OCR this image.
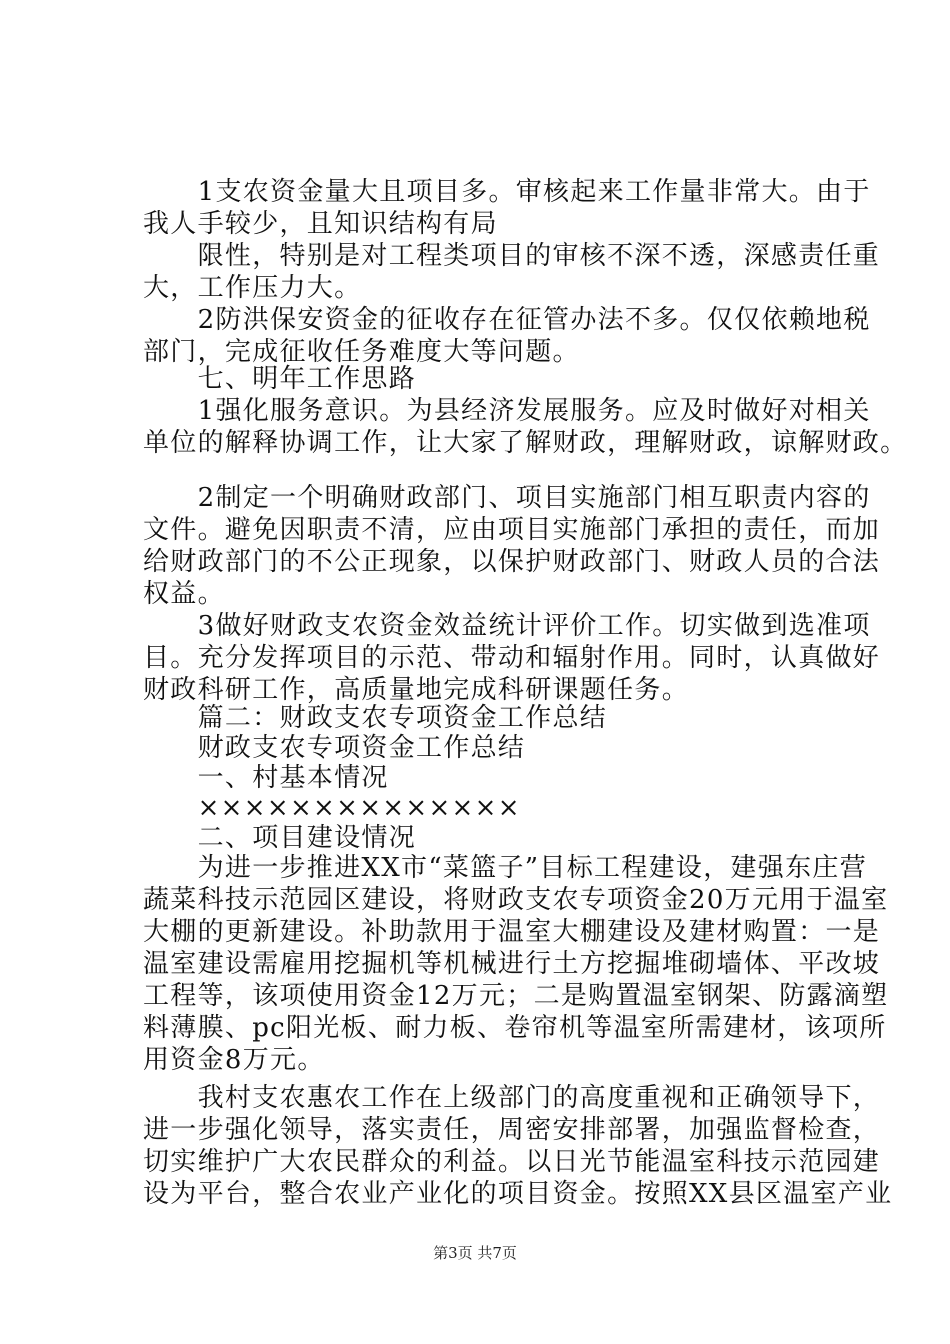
　　1支农资金量大且项目多。审核起来工作量非常大。由于
我人手较少，且知识结构有局
　　限性，特别是对工程类项目的审核不深不透，深感责任重
大，工作压力大。
　　2防洪保安资金的征收存在征管办法不多。仅仅依赖地税
部门，完成征收任务难度大等问题。
　　七、明年工作思路
　　1强化服务意识。为县经济发展服务。应及时做好对相关
单位的解释协调工作，让大家了解财政，理解财政，谅解财政。
　　2制定一个明确财政部门、项目实施部门相互职责内容的
文件。避免因职责不清，应由项目实施部门承担的责任，而加
给财政部门的不公正现象，以保护财政部门、财政人员的合法
权益。
　　3做好财政支农资金效益统计评价工作。切实做到选准项
目。充分发挥项目的示范、带动和辐射作用。同时，认真做好
财政科研工作，高质量地完成科研课题任务。
　　篇二：财政支农专项资金工作总结
　　财政支农专项资金工作总结
　　一、村基本情况
　　××××××××××××××
　　二、项目建设情况
　　为进一步推进XX市“菜篮子”目标工程建设，建强东庄营
蔬菜科技示范园区建设，将财政支农专项资金20万元用于温室
大棚的更新建设。补助款用于温室大棚建设及建材购置：一是
温室建设需雇用挖掘机等机械进行土方挖掘堆砌墙体、平改坡
工程等，该项使用资金12万元；二是购置温室钢架、防露滴塑
料薄膜、pc阳光板、耐力板、卷帘机等温室所需建材，该项所
用资金8万元。
　　我村支农惠农工作在上级部门的高度重视和正确领导下，
进一步强化领导，落实责任，周密安排部署，加强监督检查，
切实维护广大农民群众的利益。以日光节能温室科技示范园建
设为平台，整合农业产业化的项目资金。按照XX县区温室产业
第3页 共7页
